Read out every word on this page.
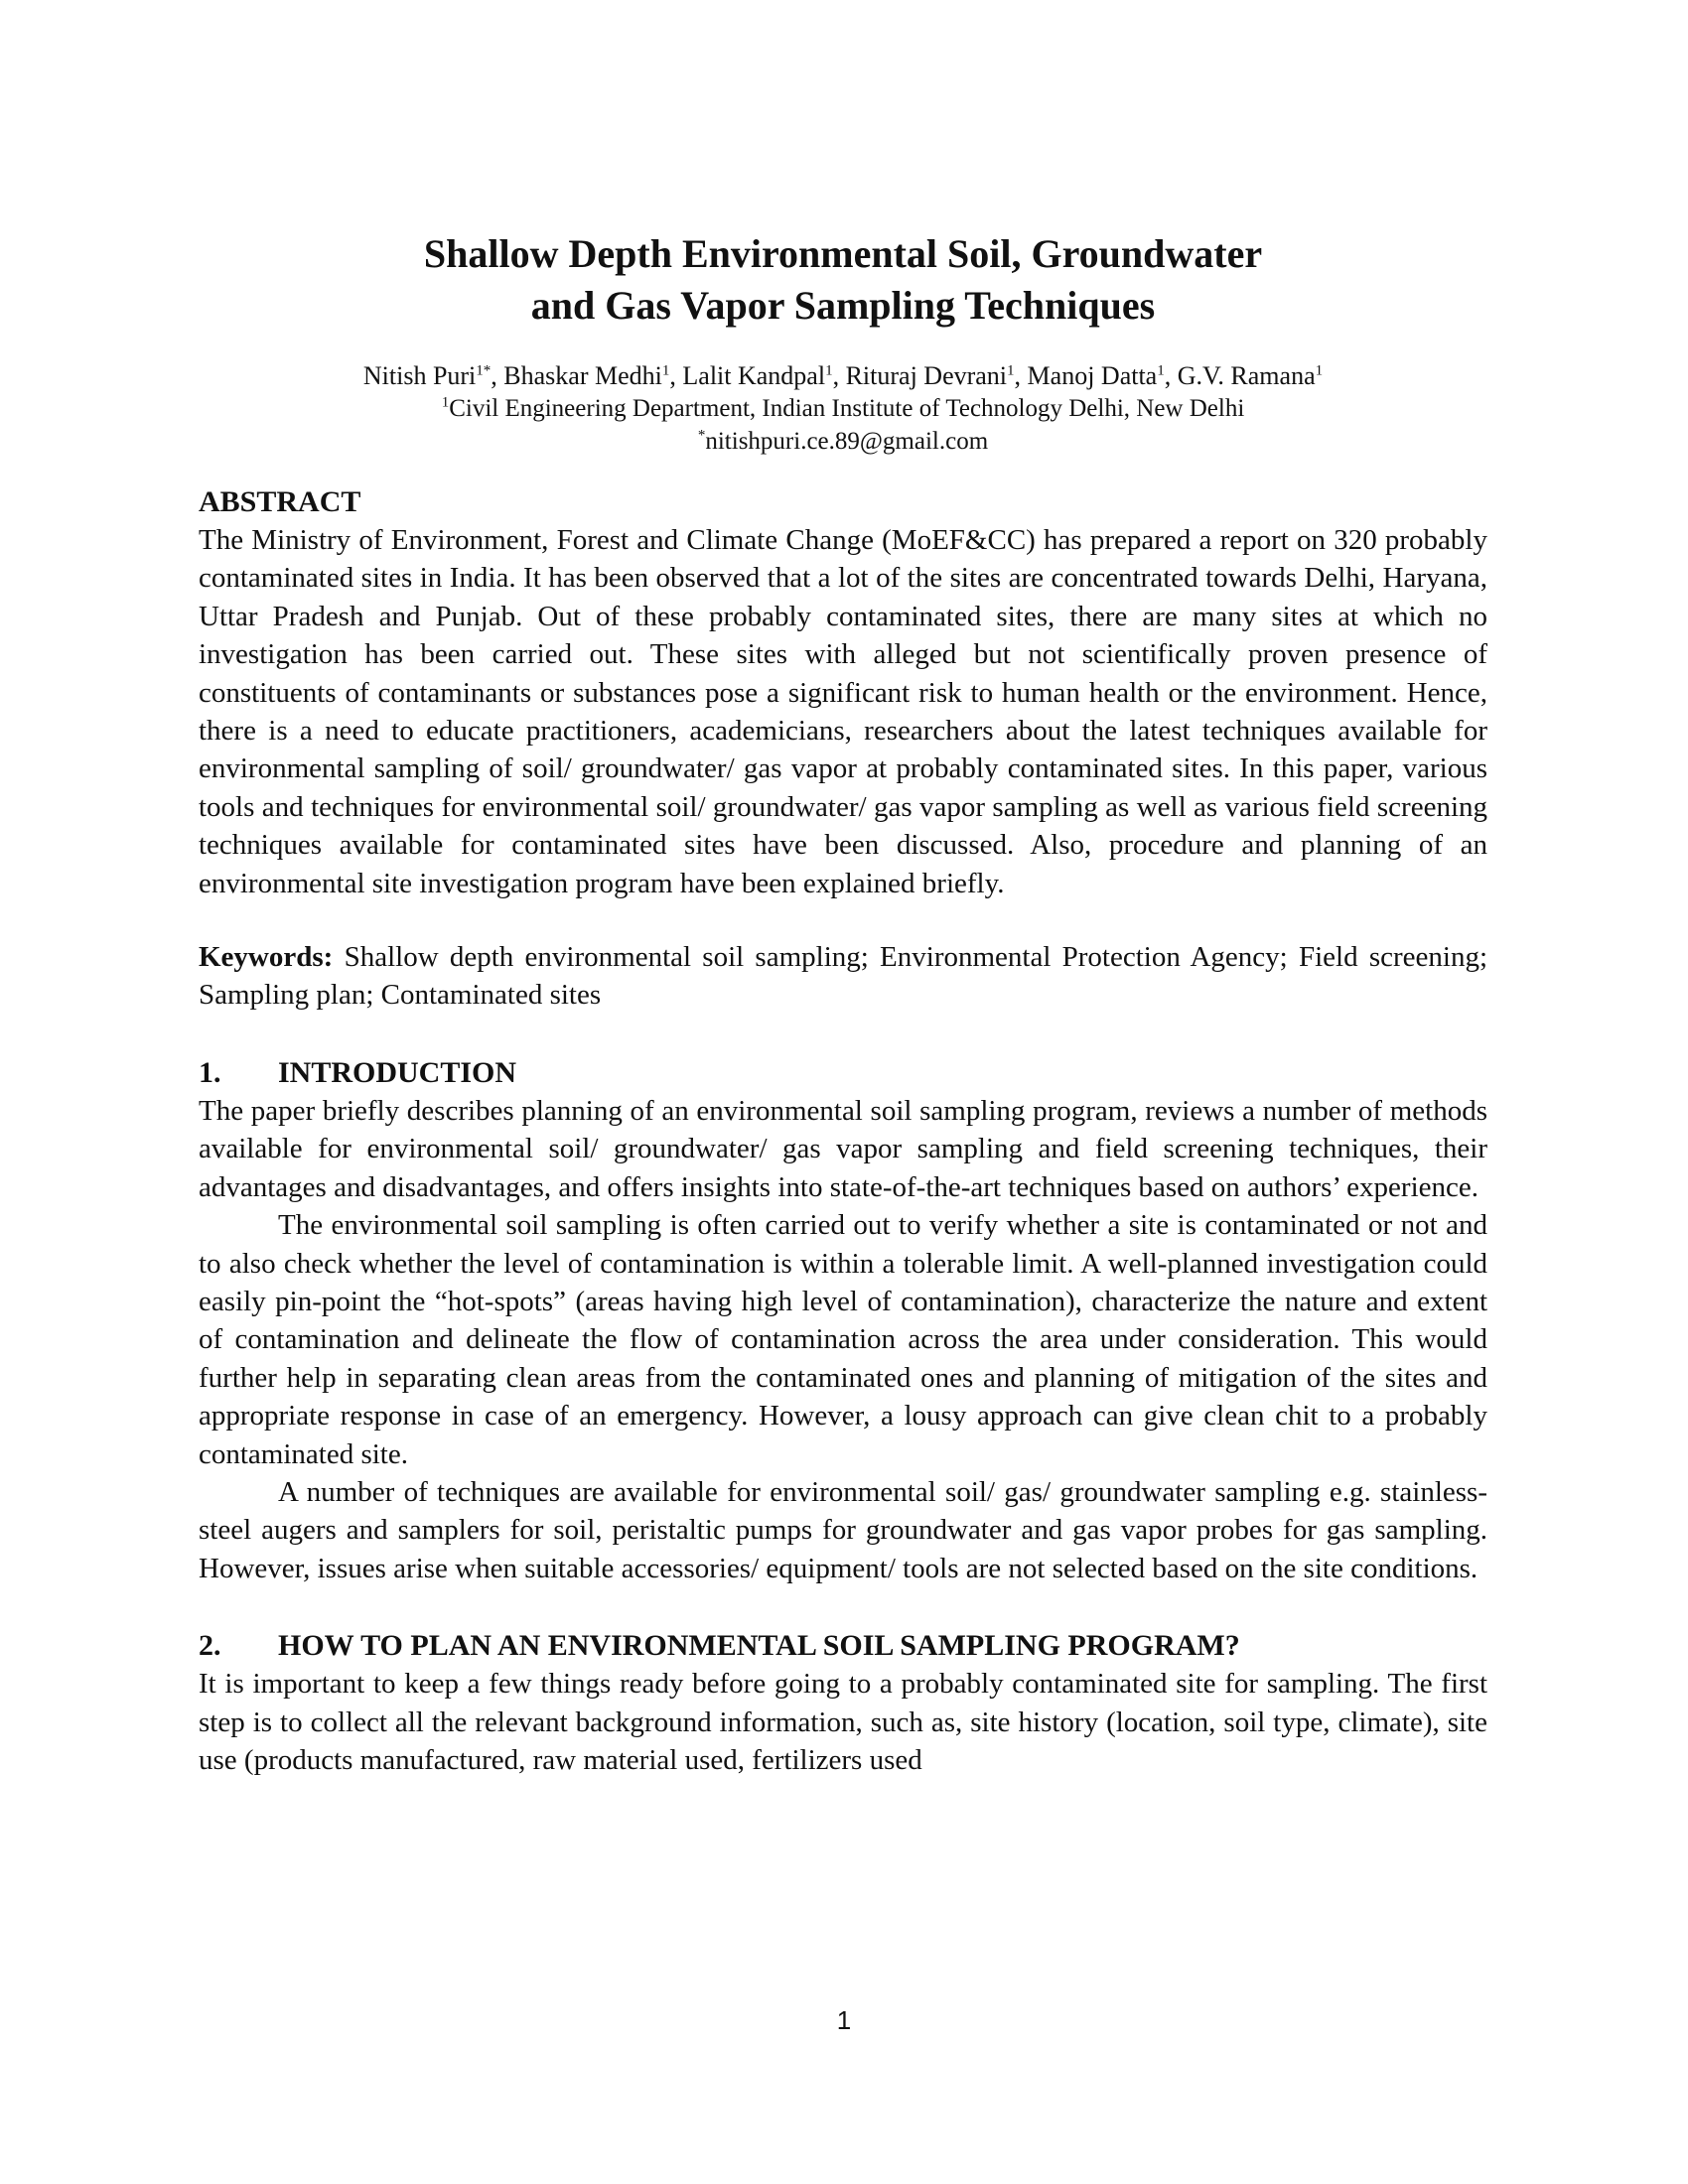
Shallow Depth Environmental Soil, Groundwater
and Gas Vapor Sampling Techniques
Nitish Puri$^{1*}$, Bhaskar Medhi$^1$, Lalit Kandpal$^1$, Rituraj Devrani$^1$, Manoj Datta$^1$, G.V. Ramana$^1$
$^1$Civil Engineering Department, Indian Institute of Technology Delhi, New Delhi
*nitishpuri.ce.89@gmail.com
ABSTRACT

The Ministry of Environment, Forest and Climate Change (MoEF&CC) has prepared a report on 320 probably contaminated sites in India. It has been observed that a lot of the sites are concentrated towards Delhi, Haryana, Uttar Pradesh and Punjab. Out of these probably contaminated sites, there are many sites at which no investigation has been carried out. These sites with alleged but not scientifically proven presence of constituents of contaminants or substances pose a significant risk to human health or the environment. Hence, there is a need to educate practitioners, academicians, researchers about the latest techniques available for environmental sampling of soil/ groundwater/ gas vapor at probably contaminated sites. In this paper, various tools and techniques for environmental soil/ groundwater/ gas vapor sampling as well as various field screening techniques available for contaminated sites have been discussed. Also, procedure and planning of an environmental site investigation program have been explained briefly.

Keywords: Shallow depth environmental soil sampling; Environmental Protection Agency; Field screening; Sampling plan; Contaminated sites

1.	INTRODUCTION

The paper briefly describes planning of an environmental soil sampling program, reviews a number of methods available for environmental soil/ groundwater/ gas vapor sampling and field screening techniques, their advantages and disadvantages, and offers insights into state-of-the-art techniques based on authors’ experience.

The environmental soil sampling is often carried out to verify whether a site is contaminated or not and to also check whether the level of contamination is within a tolerable limit. A well-planned investigation could easily pin-point the “hot-spots” (areas having high level of contamination), characterize the nature and extent of contamination and delineate the flow of contamination across the area under consideration. This would further help in separating clean areas from the contaminated ones and planning of mitigation of the sites and appropriate response in case of an emergency. However, a lousy approach can give clean chit to a probably contaminated site.

A number of techniques are available for environmental soil/ gas/ groundwater sampling e.g. stainless-steel augers and samplers for soil, peristaltic pumps for groundwater and gas vapor probes for gas sampling. However, issues arise when suitable accessories/ equipment/ tools are not selected based on the site conditions.

2.	HOW TO PLAN AN ENVIRONMENTAL SOIL SAMPLING PROGRAM?

It is important to keep a few things ready before going to a probably contaminated site for sampling. The first step is to collect all the relevant background information, such as, site history (location, soil type, climate), site use (products manufactured, raw material used, fertilizers used

1
